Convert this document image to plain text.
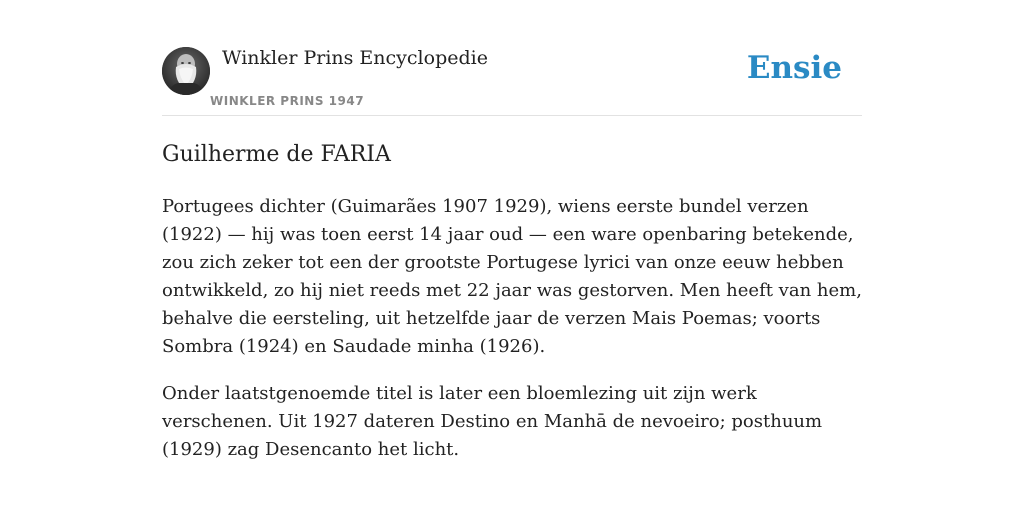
Winkler Prins Encyclopedie
WINKLER PRINS 1947
Ensie
Guilherme de FARIA

Portugees dichter (Guimarães 1907 1929), wiens eerste bundel verzen (1922) — hij was toen eerst 14 jaar oud — een ware openbaring betekende, zou zich zeker tot een der grootste Portugese lyrici van onze eeuw hebben ontwikkeld, zo hij niet reeds met 22 jaar was gestorven. Men heeft van hem, behalve die eersteling, uit hetzelfde jaar de verzen Mais Poemas; voorts Sombra (1924) en Saudade minha (1926).

Onder laatstgenoemde titel is later een bloemlezing uit zijn werk verschenen. Uit 1927 dateren Destino en Manhā de nevoeiro; posthuum (1929) zag Desencanto het licht.
